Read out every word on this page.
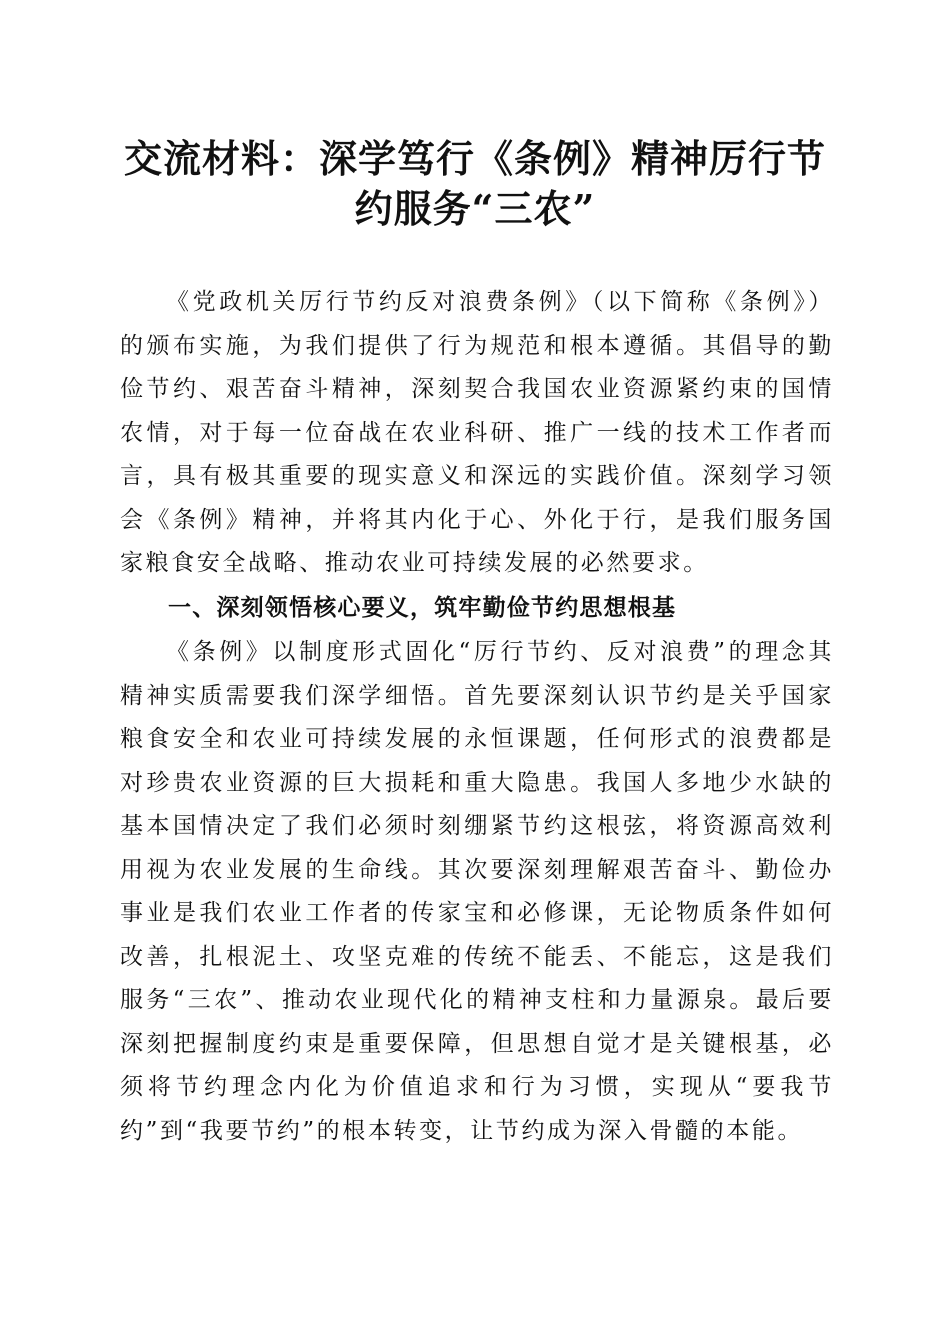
交流材料：深学笃行《条例》精神厉行节约服务“三农”

《党政机关厉行节约反对浪费条例》（以下简称《条例》）的颁布实施，为我们提供了行为规范和根本遵循。其倡导的勤俭节约、艰苦奋斗精神，深刻契合我国农业资源紧约束的国情农情，对于每一位奋战在农业科研、推广一线的技术工作者而言，具有极其重要的现实意义和深远的实践价值。深刻学习领会《条例》精神，并将其内化于心、外化于行，是我们服务国家粮食安全战略、推动农业可持续发展的必然要求。

一、深刻领悟核心要义，筑牢勤俭节约思想根基

《条例》以制度形式固化“厉行节约、反对浪费”的理念其精神实质需要我们深学细悟。首先要深刻认识节约是关乎国家粮食安全和农业可持续发展的永恒课题，任何形式的浪费都是对珍贵农业资源的巨大损耗和重大隐患。我国人多地少水缺的基本国情决定了我们必须时刻绷紧节约这根弦，将资源高效利用视为农业发展的生命线。其次要深刻理解艰苦奋斗、勤俭办事业是我们农业工作者的传家宝和必修课，无论物质条件如何改善，扎根泥土、攻坚克难的传统不能丢、不能忘，这是我们服务“三农”、推动农业现代化的精神支柱和力量源泉。最后要深刻把握制度约束是重要保障，但思想自觉才是关键根基，必须将节约理念内化为价值追求和行为习惯，实现从“要我节约”到“我要节约”的根本转变，让节约成为深入骨髓的本能。
